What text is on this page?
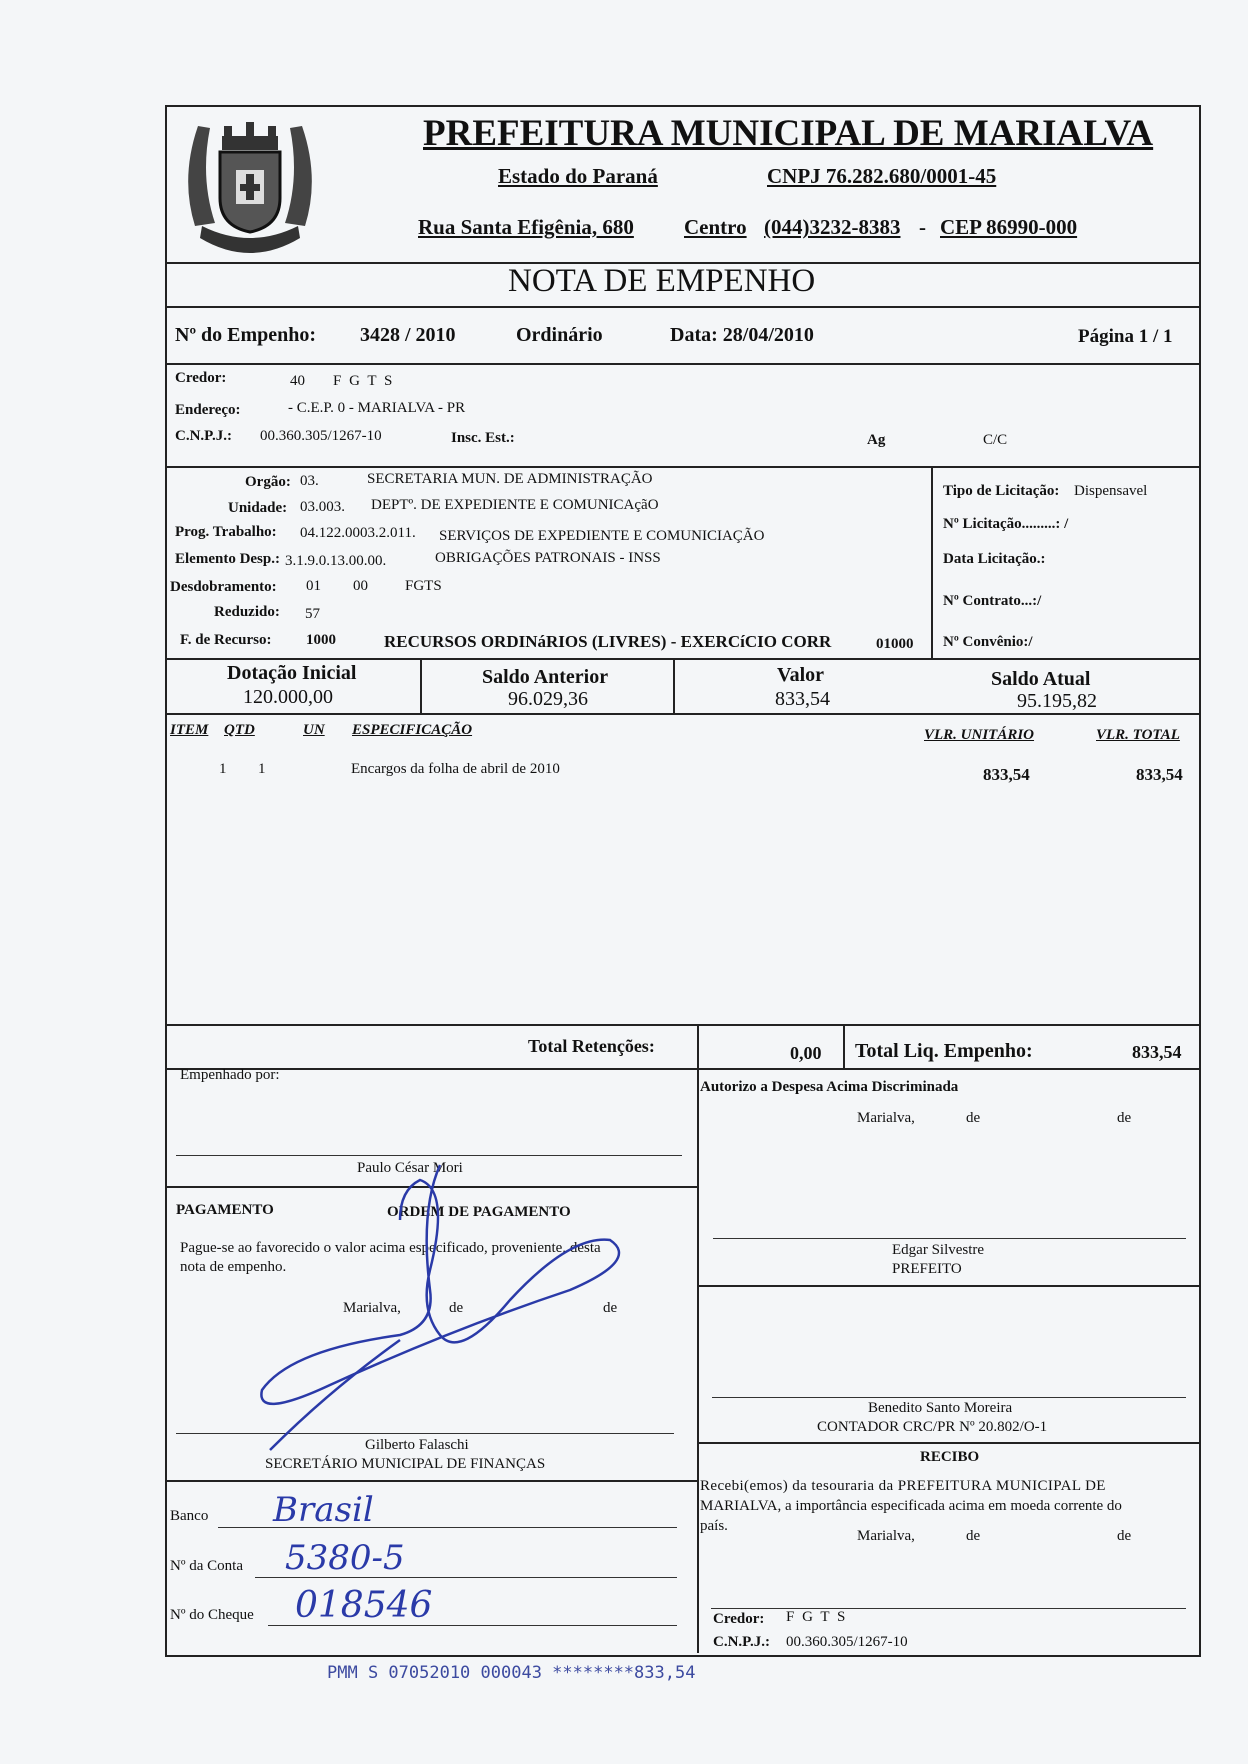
PREFEITURA MUNICIPAL DE MARIALVA
Estado do Paraná	CNPJ 76.282.680/0001-45
Rua Santa Efigênia, 680 Centro (044)3232-8383 - CEP 86990-000
NOTA DE EMPENHO
Nº do Empenho: 3428 / 2010	Ordinário	Data: 28/04/2010	Página 1 / 1
Credor:	40 F G T S
Endereço:	- C.E.P. 0 - MARIALVA - PR
C.N.P.J.: 00.360.305/1267-10	Insc. Est.:	Ag	C/C
Orgão: 03.	SECRETARIA MUN. DE ADMINISTRAÇÃO
Unidade: 03.003. DEPTº. DE EXPEDIENTE E COMUNICAçãO
Prog. Trabalho: 04.122.0003.2.011. SERVIÇOS DE EXPEDIENTE E COMUNICIAÇÃO
Elemento Desp.: 3.1.9.0.13.00.00.	OBRIGAÇÕES PATRONAIS - INSS
Desdobramento: 01 00 FGTS
Reduzido: 57
F. de Recurso: 1000	RECURSOS ORDINáRIOS (LIVRES) - EXERCíCIO CORR	01000
Tipo de Licitação: Dispensavel
Nº Licitação.........: /
Data Licitação.:
Nº Contrato...:/
Nº Convênio:/
Dotação Inicial
120.000,00
Saldo Anterior
96.029,36
Valor
833,54
Saldo Atual
95.195,82
ITEM QTD	UN ESPECIFICAÇÃO	VLR. UNITÁRIO	VLR. TOTAL
1 1	Encargos da folha de abril de 2010	833,54	833,54
Total Retenções:	0,00 Total Liq. Empenho:	833,54
Empenhado por:
Paulo César Mori
PAGAMENTO	ORDEM DE PAGAMENTO
Pague-se ao favorecido o valor acima especificado, proveniente, desta
nota de empenho.
Marialva,	de	de
Gilberto Falaschi
SECRETÁRIO MUNICIPAL DE FINANÇAS
Banco Brasil
Nº da Conta 5380-5
Nº do Cheque 018546
Autorizo a Despesa Acima Discriminada
Marialva,	de	de
Edgar Silvestre
PREFEITO
Benedito Santo Moreira
CONTADOR CRC/PR Nº 20.802/O-1
RECIBO
Recebi(emos) da tesouraria da PREFEITURA MUNICIPAL DE
MARIALVA, a importância especificada acima em moeda corrente do
país.
Marialva,	de	de
Credor: F G T S
C.N.P.J.: 00.360.305/1267-10
PMM S 07052010 000043 ********833,54
